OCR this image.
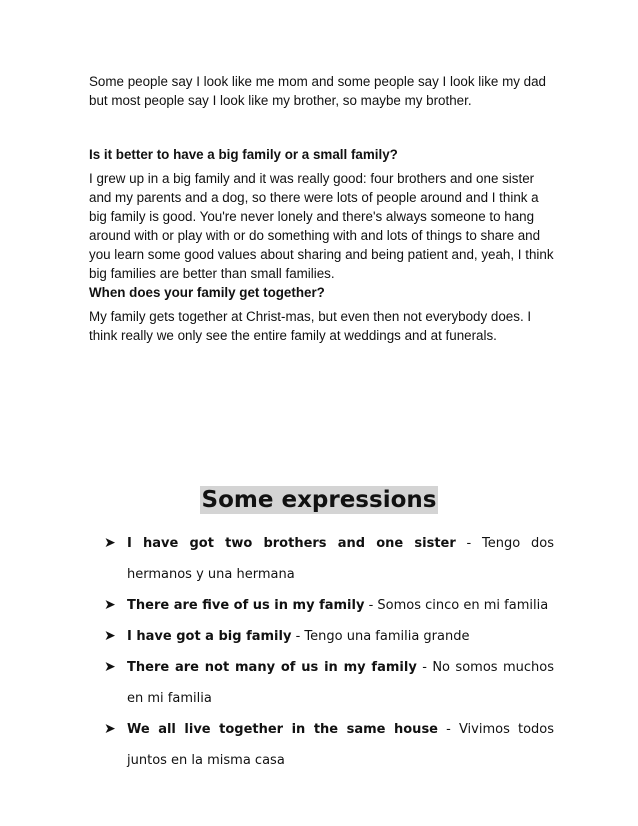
Some people say I look like me mom and some people say I look like my dad but most people say I look like my brother, so maybe my brother.

Is it better to have a big family or a small family?

I grew up in a big family and it was really good: four brothers and one sister and my parents and a dog, so there were lots of people around and I think a big family is good. You're never lonely and there's always someone to hang around with or play with or do something with and lots of things to share and you learn some good values about sharing and being patient and, yeah, I think big families are better than small families.

When does your family get together?

My family gets together at Christ-mas, but even then not everybody does. I think really we only see the entire family at weddings and at funerals.

Some expressions
➤ I have got two brothers and one sister - Tengo dos hermanos y una hermana
➤ There are five of us in my family - Somos cinco en mi familia
➤ I have got a big family - Tengo una familia grande
➤ There are not many of us in my family - No somos muchos en mi familia
➤ We all live together in the same house - Vivimos todos juntos en la misma casa
